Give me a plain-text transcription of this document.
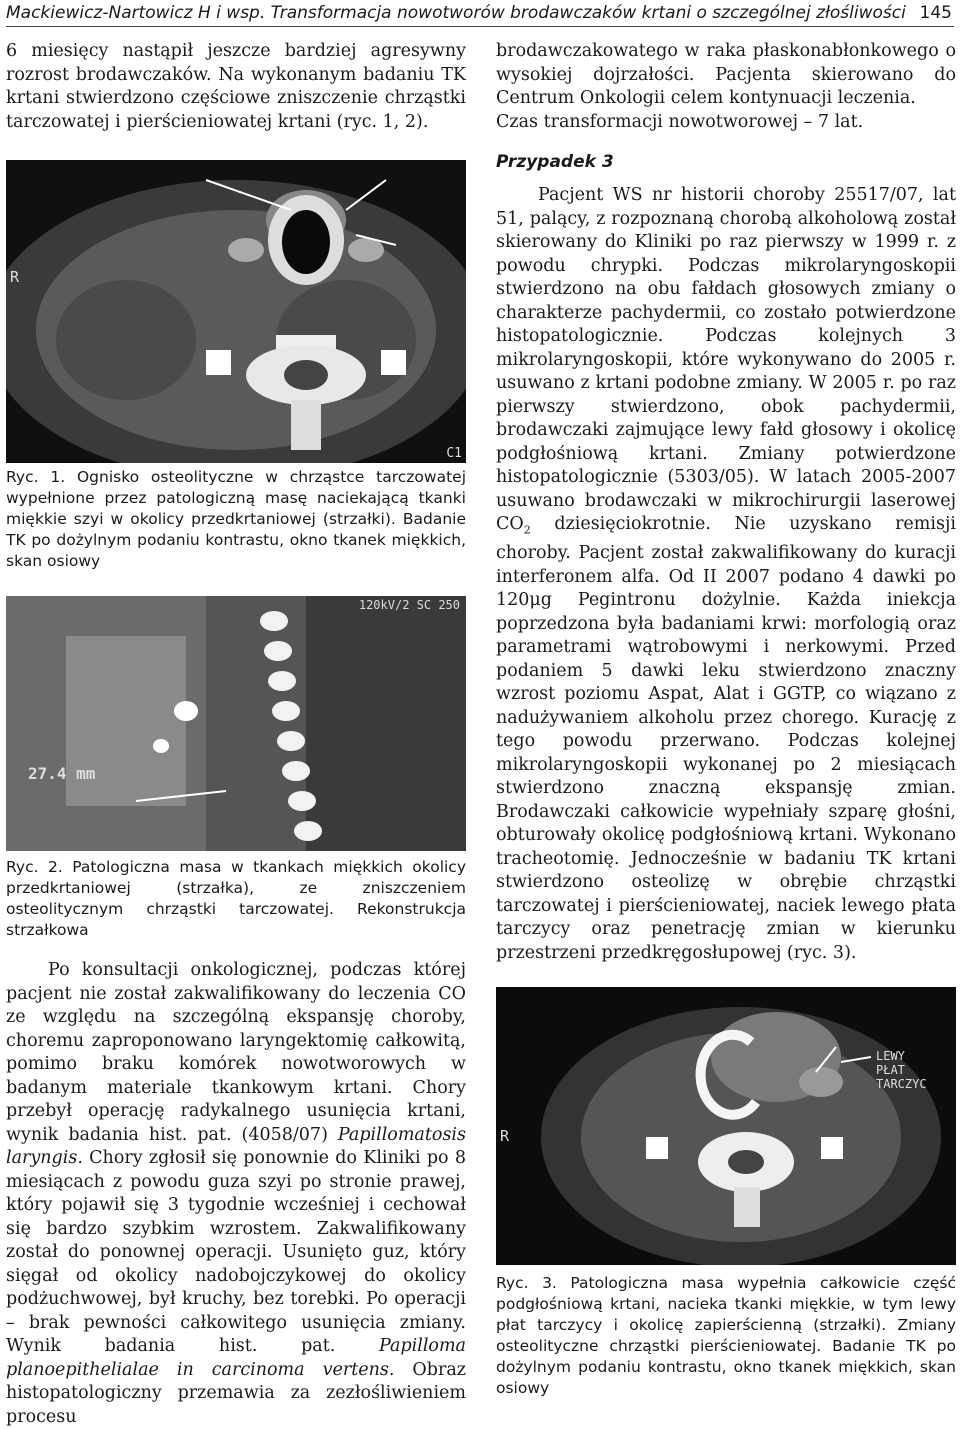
Mackiewicz-Nartowicz H i wsp. Transformacja nowotworów brodawczaków krtani o szczególnej złośliwości 145

6 miesięcy nastąpił jeszcze bardziej agresywny rozrost brodawczaków. Na wykonanym badaniu TK krtani stwierdzono częściowe zniszczenie chrząstki tarczowatej i pierścieniowatej krtani (ryc. 1, 2).

R
C1

Ryc. 1. Ognisko osteolityczne w chrząstce tarczowatej wypełnione przez patologiczną masę naciekającą tkanki miękkie szyi w okolicy przedkrtaniowej (strzałki). Badanie TK po dożylnym podaniu kontrastu, okno tkanek miękkich, skan osiowy

27.4 mm
120kV/2 SC 250

Ryc. 2. Patologiczna masa w tkankach miękkich okolicy przedkrtaniowej (strzałka), ze zniszczeniem osteolitycznym chrząstki tarczowatej. Rekonstrukcja strzałkowa

Po konsultacji onkologicznej, podczas której pacjent nie został zakwalifikowany do leczenia CO ze względu na szczególną ekspansję choroby, choremu zaproponowano laryngektomię całkowitą, pomimo braku komórek nowotworowych w badanym materiale tkankowym krtani. Chory przebył operację radykalnego usunięcia krtani, wynik badania hist. pat. (4058/07) Papillomatosis laryngis. Chory zgłosił się ponownie do Kliniki po 8 miesiącach z powodu guza szyi po stronie prawej, który pojawił się 3 tygodnie wcześniej i cechował się bardzo szybkim wzrostem. Zakwalifikowany został do ponownej operacji. Usunięto guz, który sięgał od okolicy nadobojczykowej do okolicy podżuchwowej, był kruchy, bez torebki. Po operacji – brak pewności całkowitego usunięcia zmiany. Wynik badania hist. pat. Papilloma planoepithelialae in carcinoma vertens. Obraz histopatologiczny przemawia za zezłośliwieniem procesu

brodawczakowatego w raka płaskonabłonkowego o wysokiej dojrzałości. Pacjenta skierowano do Centrum Onkologii celem kontynuacji leczenia.

Czas transformacji nowotworowej – 7 lat.

Przypadek 3

Pacjent WS nr historii choroby 25517/07, lat 51, palący, z rozpoznaną chorobą alkoholową został skierowany do Kliniki po raz pierwszy w 1999 r. z powodu chrypki. Podczas mikrolaryngoskopii stwierdzono na obu fałdach głosowych zmiany o charakterze pachydermii, co zostało potwierdzone histopatologicznie. Podczas kolejnych 3 mikrolaryngoskopii, które wykonywano do 2005 r. usuwano z krtani podobne zmiany. W 2005 r. po raz pierwszy stwierdzono, obok pachydermii, brodawczaki zajmujące lewy fałd głosowy i okolicę podgłośniową krtani. Zmiany potwierdzone histopatologicznie (5303/05). W latach 2005-2007 usuwano brodawczaki w mikrochirurgii laserowej $CO_2$ dziesięciokrotnie. Nie uzyskano remisji choroby. Pacjent został zakwalifikowany do kuracji interferonem alfa. Od II 2007 podano 4 dawki po 120μg Pegintronu dożylnie. Każda iniekcja poprzedzona była badaniami krwi: morfologią oraz parametrami wątrobowymi i nerkowymi. Przed podaniem 5 dawki leku stwierdzono znaczny wzrost poziomu Aspat, Alat i GGTP, co wiązano z nadużywaniem alkoholu przez chorego. Kurację z tego powodu przerwano. Podczas kolejnej mikrolaryngoskopii wykonanej po 2 miesiącach stwierdzono znaczną ekspansję zmian. Brodawczaki całkowicie wypełniały szparę głośni, obturowały okolicę podgłośniową krtani. Wykonano tracheotomię. Jednocześnie w badaniu TK krtani stwierdzono osteolizę w obrębie chrząstki tarczowatej i pierścieniowatej, naciek lewego płata tarczycy oraz penetrację zmian w kierunku przestrzeni przedkręgosłupowej (ryc. 3).

R
LEWY
PŁAT TARCZYC

Ryc. 3. Patologiczna masa wypełnia całkowicie część podgłośniową krtani, nacieka tkanki miękkie, w tym lewy płat tarczycy i okolicę zapierścienną (strzałki). Zmiany osteolityczne chrząstki pierścieniowatej. Badanie TK po dożylnym podaniu kontrastu, okno tkanek miękkich, skan osiowy
